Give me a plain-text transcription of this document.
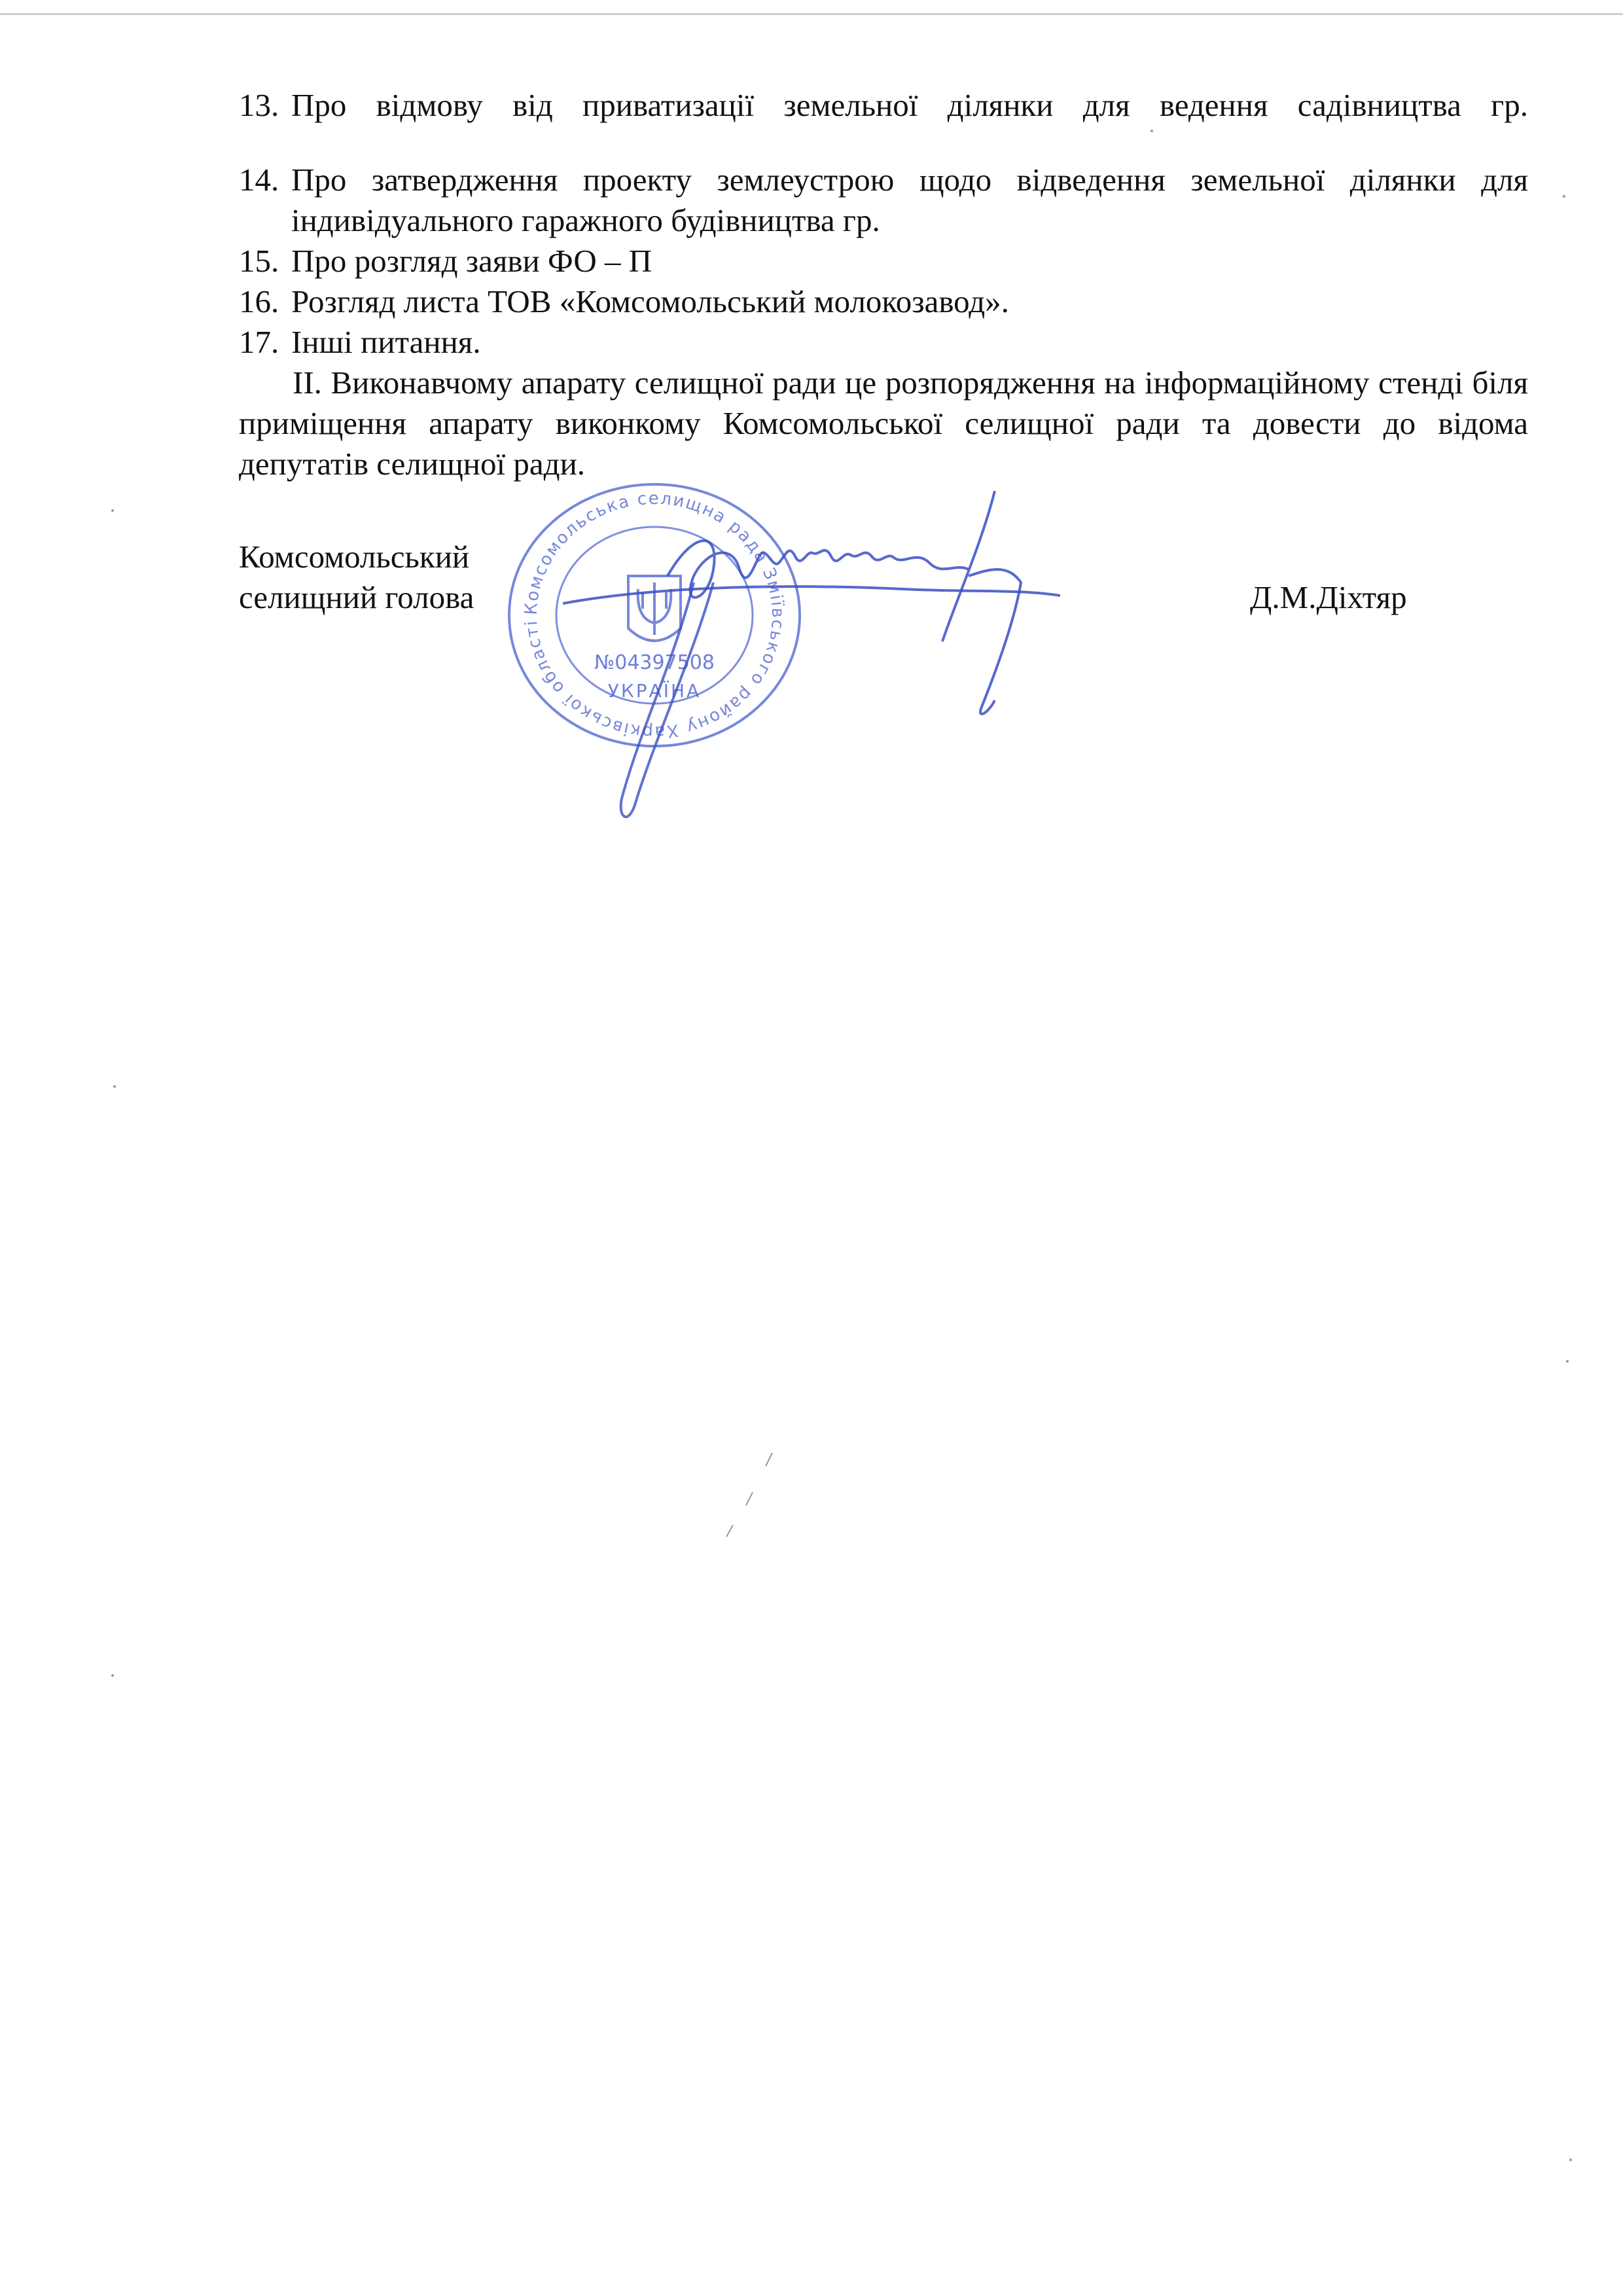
13. Про відмову від приватизації земельної ділянки для ведення садівництва гр.
14. Про затвердження проекту землеустрою щодо відведення земельної ділянки для індивідуального гаражного будівництва гр.
15. Про розгляд заяви ФО – П
16. Розгляд листа ТОВ «Комсомольський молокозавод».
17. Інші питання.

ІІ. Виконавчому апарату селищної ради це розпорядження на інформаційному стенді біля приміщення апарату виконкому Комсомольської селищної ради та довести до відома депутатів селищної ради.

Комсомольська селищна рада Зміївського району Харківської області
№04397508
УКРАЇНА
Комсомольський
селищний голова	Д.М.Діхтяр
